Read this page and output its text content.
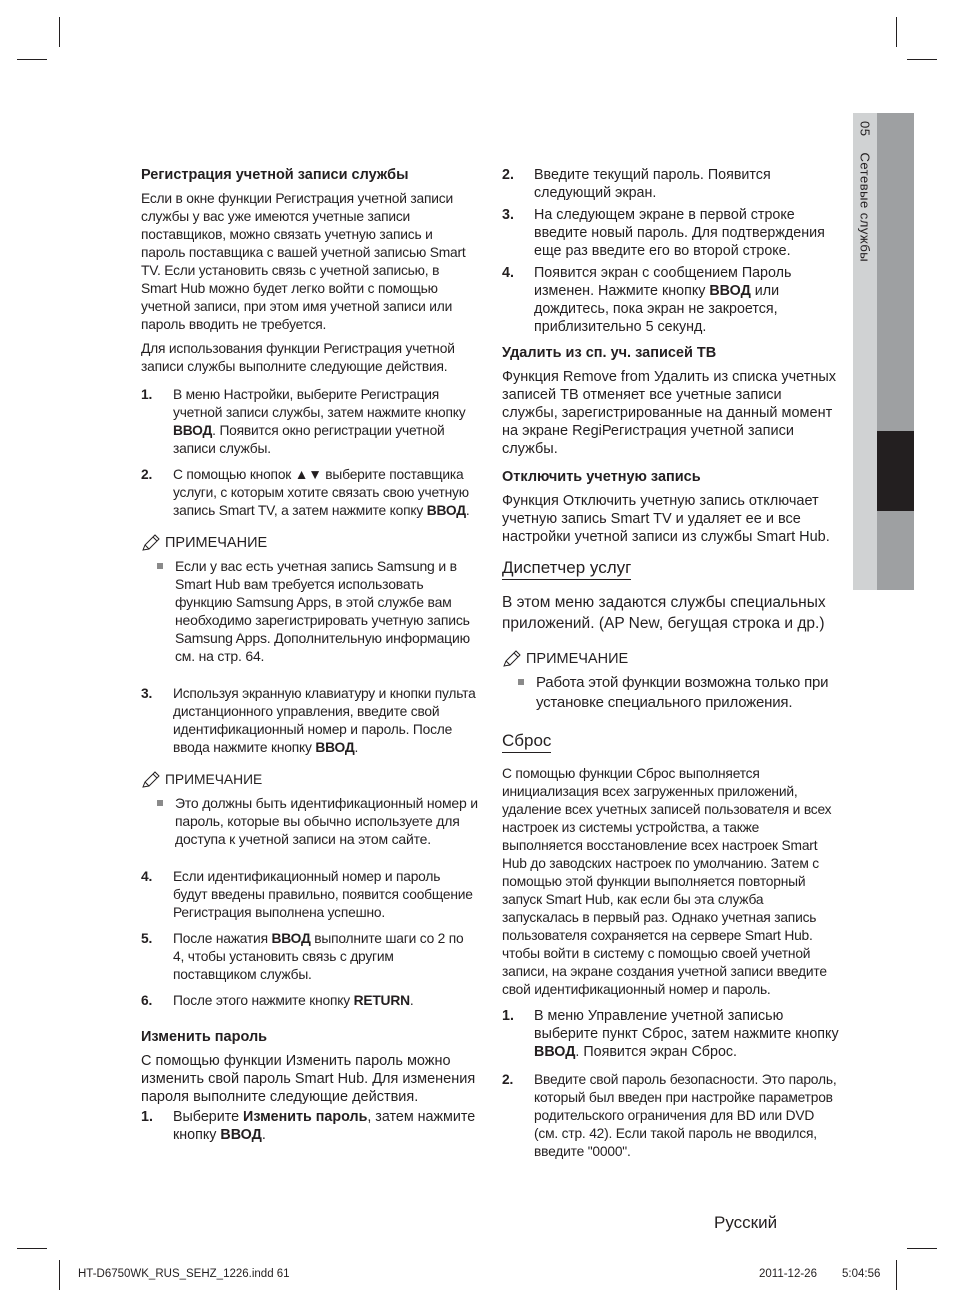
05Сетевые службы
Регистрация учетной записи службы
Если в окне функции Регистрация учетной записи службы у вас уже имеются учетные записи поставщиков, можно связать учетную запись и пароль поставщика с вашей учетной записью Smart TV. Если установить связь с учетной записью, в Smart Hub можно будет легко войти с помощью учетной записи, при этом имя учетной записи или пароль вводить не требуется.
Для использования функции Регистрация учетной записи службы выполните следующие действия.
1. В меню Настройки, выберите Регистрация учетной записи службы, затем нажмите кнопку ВВОД. Появится окно регистрации учетной записи службы.
2. С помощью кнопок ▲▼ выберите поставщика услуги, с которым хотите связать свою учетную запись Smart TV, а затем нажмите копку ВВОД.
ПРИМЕЧАНИЕ
Если у вас есть учетная запись Samsung и в Smart Hub вам требуется использовать функцию Samsung Apps, в этой службе вам необходимо зарегистрировать учетную запись Samsung Apps. Дополнительную информацию см. на стр. 64.
3. Используя экранную клавиатуру и кнопки пульта дистанционного управления, введите свой идентификационный номер и пароль. После ввода нажмите кнопку ВВОД.
ПРИМЕЧАНИЕ
Это должны быть идентификационный номер и пароль, которые вы обычно используете для доступа к учетной записи на этом сайте.
4. Если идентификационный номер и пароль будут введены правильно, появится сообщение Регистрация выполнена успешно.
5. После нажатия ВВОД выполните шаги со 2 по 4, чтобы установить связь с другим поставщиком службы.
6. После этого нажмите кнопку RETURN.
Изменить пароль
С помощью функции Изменить пароль можно изменить свой пароль Smart Hub. Для изменения пароля выполните следующие действия.
1. Выберите Изменить пароль, затем нажмите кнопку ВВОД.
2. Введите текущий пароль. Появится следующий экран.
3. На следующем экране в первой строке введите новый пароль. Для подтверждения еще раз введите его во второй строке.
4. Появится экран с сообщением Пароль изменен. Нажмите кнопку ВВОД или дождитесь, пока экран не закроется, приблизительно 5 секунд.
Удалить из сп. уч. записей ТВ
Функция Remove from Удалить из списка учетных записей ТВ отменяет все учетные записи службы, зарегистрированные на данный момент на экране RegiРегистрация учетной записи службы.
Отключить учетную запись
Функция Отключить учетную запись отключает учетную запись Smart TV и удаляет ее и все настройки учетной записи из службы Smart Hub.
Диспетчер услуг
В этом меню задаются службы специальных приложений. (AP New, бегущая строка и др.)
ПРИМЕЧАНИЕ
Работа этой функции возможна только при установке специального приложения.
Сброс
С помощью функции Сброс выполняется инициализация всех загруженных приложений, удаление всех учетных записей пользователя и всех настроек из системы устройства, а также выполняется восстановление всех настроек Smart Hub до заводских настроек по умолчанию. Затем с помощью этой функции выполняется повторный запуск Smart Hub, как если бы эта служба запускалась в первый раз. Однако учетная запись пользователя сохраняется на сервере Smart Hub. чтобы войти в систему с помощью своей учетной записи, на экране создания учетной записи введите свой идентификационный номер и пароль.
1. В меню Управление учетной записью выберите пункт Сброс, затем нажмите кнопку ВВОД. Появится экран Сброс.
2. Введите свой пароль безопасности. Это пароль, который был введен при настройке параметров родительского ограничения для BD или DVD (см. стр. 42). Если такой пароль не вводился, введите "0000".
Русский
HT-D6750WK_RUS_SEHZ_1226.indd 61	2011-12-26 5:04:56
